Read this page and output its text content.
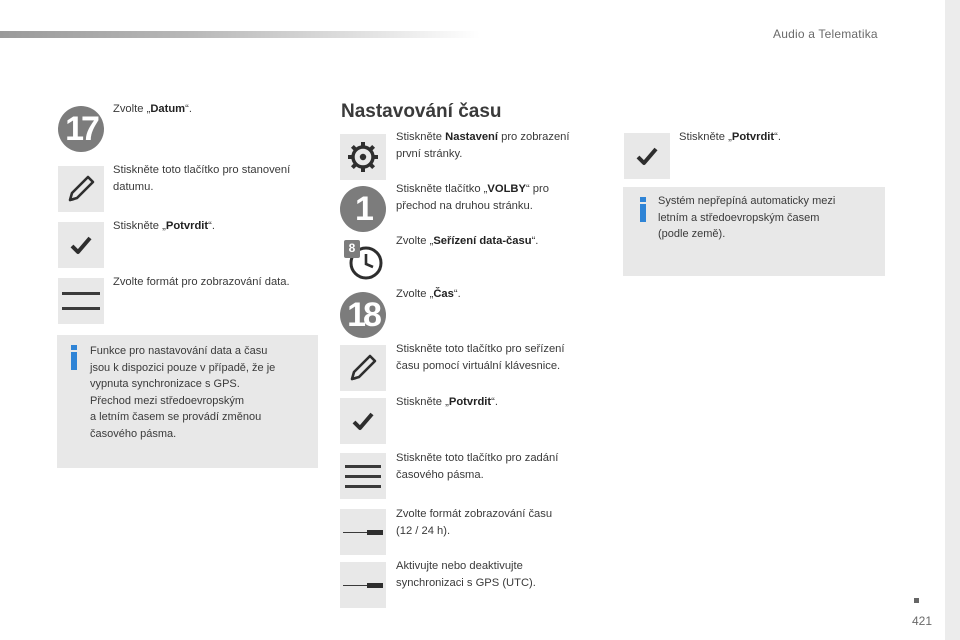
Audio a Telematika
17
Zvolte „Datum“.
Stiskněte toto tlačítko pro stanovení datumu.
Stiskněte „Potvrdit“.
Zvolte formát pro zobrazování data.
Funkce pro nastavování data a času
jsou k dispozici pouze v případě, že je
vypnuta synchronizace s GPS.
Přechod mezi středoevropským
a letním časem se provádí změnou
časového pásma.
Nastavování času
Stiskněte Nastavení pro zobrazení
první stránky.
1
Stiskněte tlačítko „VOLBY“ pro
přechod na druhou stránku.
8	Zvolte „Seřízení data-času“.
18
Zvolte „Čas“.
Stiskněte toto tlačítko pro seřízení
času pomocí virtuální klávesnice.
Stiskněte „Potvrdit“.
Stiskněte toto tlačítko pro zadání
časového pásma.
Zvolte formát zobrazování času
(12 / 24 h).
Aktivujte nebo deaktivujte
synchronizaci s GPS (UTC).
Stiskněte „Potvrdit“.
Systém nepřepíná automaticky mezi
letním a středoevropským časem
(podle země).
421
